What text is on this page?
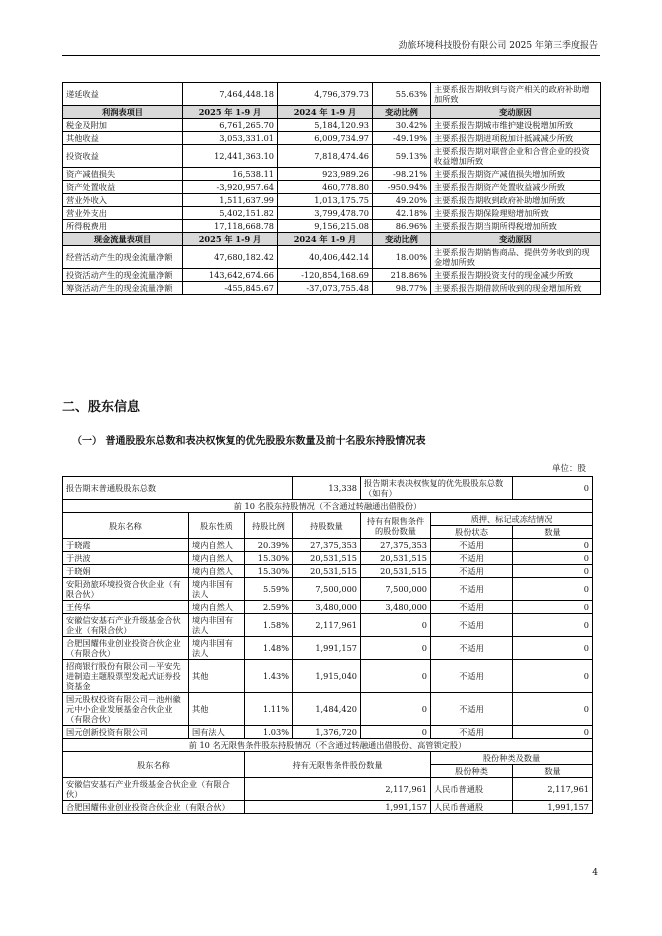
劲旅环境科技股份有限公司 2025 年第三季度报告
递延收益	7,464,448.18	4,796,379.73	55.63%	主要系报告期收到与资产相关的政府补助增加所致
利润表项目	2025 年 1-9 月	2024 年 1-9 月	变动比例	变动原因
税金及附加	6,761,265.70	5,184,120.93	30.42%	主要系报告期城市维护建设税增加所致
其他收益	3,053,331.01	6,009,734.97	-49.19%	主要系报告期进项税加计抵减减少所致
投资收益	12,441,363.10	7,818,474.46	59.13%	主要系报告期对联营企业和合营企业的投资收益增加所致
资产减值损失	16,538.11	923,989.26	-98.21%	主要系报告期资产减值损失增加所致
资产处置收益	-3,920,957.64	460,778.80	-950.94%	主要系报告期资产处置收益减少所致
营业外收入	1,511,637.99	1,013,175.75	49.20%	主要系报告期收到政府补助增加所致
营业外支出	5,402,151.82	3,799,478.70	42.18%	主要系报告期保险理赔增加所致
所得税费用	17,118,668.78	9,156,215.08	86.96%	主要系报告期当期所得税增加所致
现金流量表项目	2025 年 1-9 月	2024 年 1-9 月	变动比例	变动原因
经营活动产生的现金流量净额	47,680,182.42	40,406,442.14	18.00%	主要系报告期销售商品、提供劳务收到的现金增加所致
投资活动产生的现金流量净额	143,642,674.66	-120,854,168.69	218.86%	主要系报告期投资支付的现金减少所致
筹资活动产生的现金流量净额	-455,845.67	-37,073,755.48	98.77%	主要系报告期借款所收到的现金增加所致
二、股东信息
（一） 普通股股东总数和表决权恢复的优先股股东数量及前十名股东持股情况表
单位：股
报告期末普通股股东总数			13,338	报告期末表决权恢复的优先股股东总数（如有）		0
前 10 名股东持股情况（不含通过转融通出借股份）						
股东名称	股东性质	持股比例	持股数量	持有有限售条件的股份数量	质押、标记或冻结情况	
					股份状态	数量
于晓霞	境内自然人	20.39%	27,375,353	27,375,353	不适用	0
于洪波	境内自然人	15.30%	20,531,515	20,531,515	不适用	0
于晓娟	境内自然人	15.30%	20,531,515	20,531,515	不适用	0
安阳劲旅环境投资合伙企业（有限合伙）	境内非国有法人	5.59%	7,500,000	7,500,000	不适用	0
王传华	境内自然人	2.59%	3,480,000	3,480,000	不适用	0
安徽信安基石产业升级基金合伙企业（有限合伙）	境内非国有法人	1.58%	2,117,961	0	不适用	0
合肥国耀伟业创业投资合伙企业（有限合伙）	境内非国有法人	1.48%	1,991,157	0	不适用	0
招商银行股份有限公司－平安先进制造主题股票型发起式证券投资基金	其他	1.43%	1,915,040	0	不适用	0
国元股权投资有限公司－池州徽元中小企业发展基金合伙企业（有限合伙）	其他	1.11%	1,484,420	0	不适用	0
国元创新投资有限公司	国有法人	1.03%	1,376,720	0	不适用	0
前 10 名无限售条件股东持股情况（不含通过转融通出借股份、高管锁定股）						
股东名称		持有无限售条件股份数量			股份种类及数量	
					股份种类	数量
安徽信安基石产业升级基金合伙企业（有限合伙）		2,117,961			人民币普通股	2,117,961
合肥国耀伟业创业投资合伙企业（有限合伙）		1,991,157			人民币普通股	1,991,157
4
